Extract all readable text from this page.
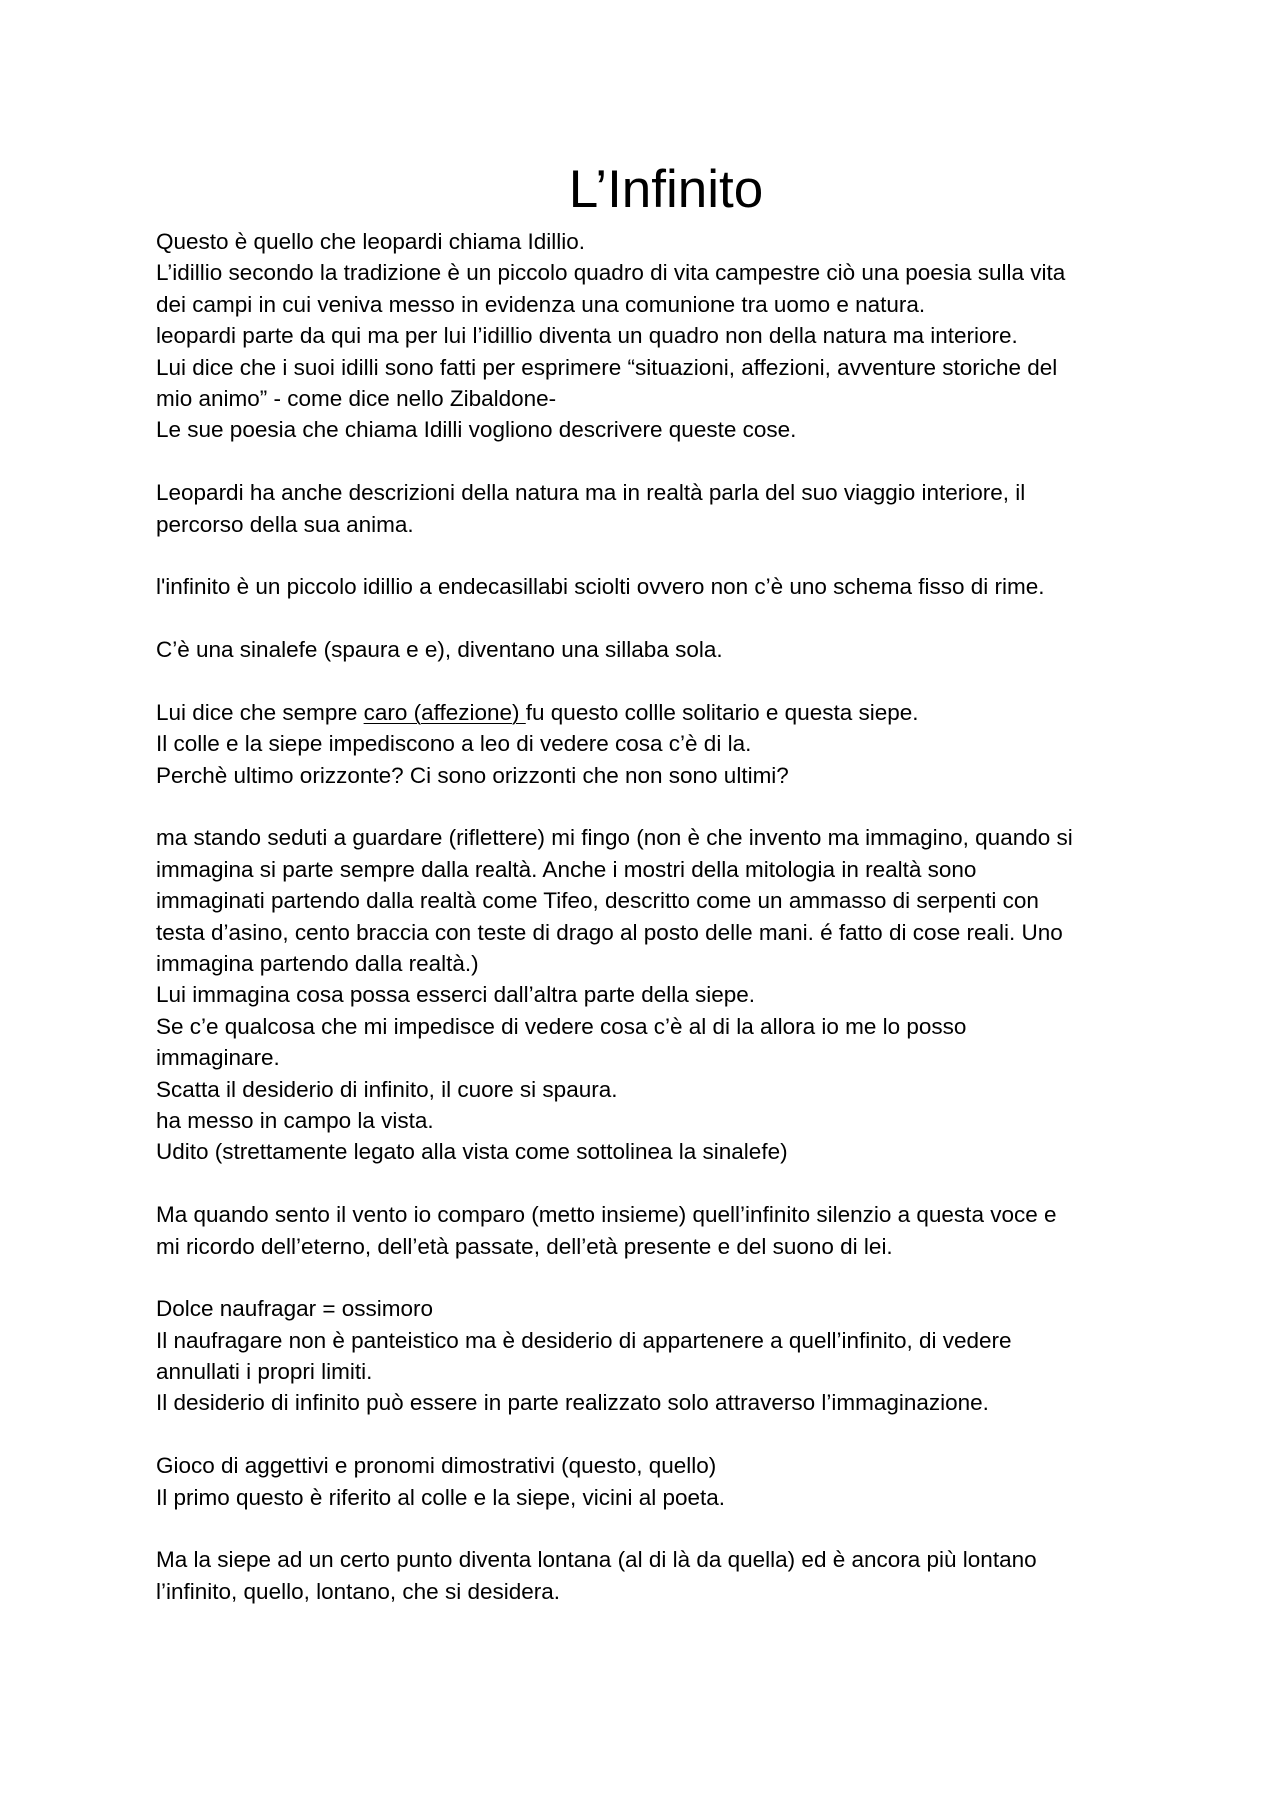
L’Infinito

Questo è quello che leopardi chiama Idillio.

L’idillio secondo la tradizione è un piccolo quadro di vita campestre ciò una poesia sulla vita

dei campi in cui veniva messo in evidenza una comunione tra uomo e natura.

leopardi parte da qui ma per lui l’idillio diventa un quadro non della natura ma interiore.

Lui dice che i suoi idilli sono fatti per esprimere “situazioni, affezioni, avventure storiche del

mio animo” - come dice nello Zibaldone-

Le sue poesia che chiama Idilli vogliono descrivere queste cose.

Leopardi ha anche descrizioni della natura ma in realtà parla del suo viaggio interiore, il

percorso della sua anima.

l'infinito è un piccolo idillio a endecasillabi sciolti ovvero non c’è uno schema fisso di rime.

C’è una sinalefe (spaura e e), diventano una sillaba sola.

Lui dice che sempre caro (affezione) fu questo collle solitario e questa siepe.

Il colle e la siepe impediscono a leo di vedere cosa c’è di la.

Perchè ultimo orizzonte? Ci sono orizzonti che non sono ultimi?

ma stando seduti a guardare (riflettere) mi fingo (non è che invento ma immagino, quando si

immagina si parte sempre dalla realtà. Anche i mostri della mitologia in realtà sono

immaginati partendo dalla realtà come Tifeo, descritto come un ammasso di serpenti con

testa d’asino, cento braccia con teste di drago al posto delle mani. é fatto di cose reali. Uno

immagina partendo dalla realtà.)

Lui immagina cosa possa esserci dall’altra parte della siepe.

Se c’e qualcosa che mi impedisce di vedere cosa c’è al di la allora io me lo posso

immaginare.

Scatta il desiderio di infinito, il cuore si spaura.

ha messo in campo la vista.

Udito (strettamente legato alla vista come sottolinea la sinalefe)

Ma quando sento il vento io comparo (metto insieme) quell’infinito silenzio a questa voce e

mi ricordo dell’eterno, dell’età passate, dell’età presente e del suono di lei.

Dolce naufragar = ossimoro

Il naufragare non è panteistico ma è desiderio di appartenere a quell’infinito, di vedere

annullati i propri limiti.

Il desiderio di infinito può essere in parte realizzato solo attraverso l’immaginazione.

Gioco di aggettivi e pronomi dimostrativi (questo, quello)

Il primo questo è riferito al colle e la siepe, vicini al poeta.

Ma la siepe ad un certo punto diventa lontana (al di là da quella) ed è ancora più lontano

l’infinito, quello, lontano, che si desidera.
